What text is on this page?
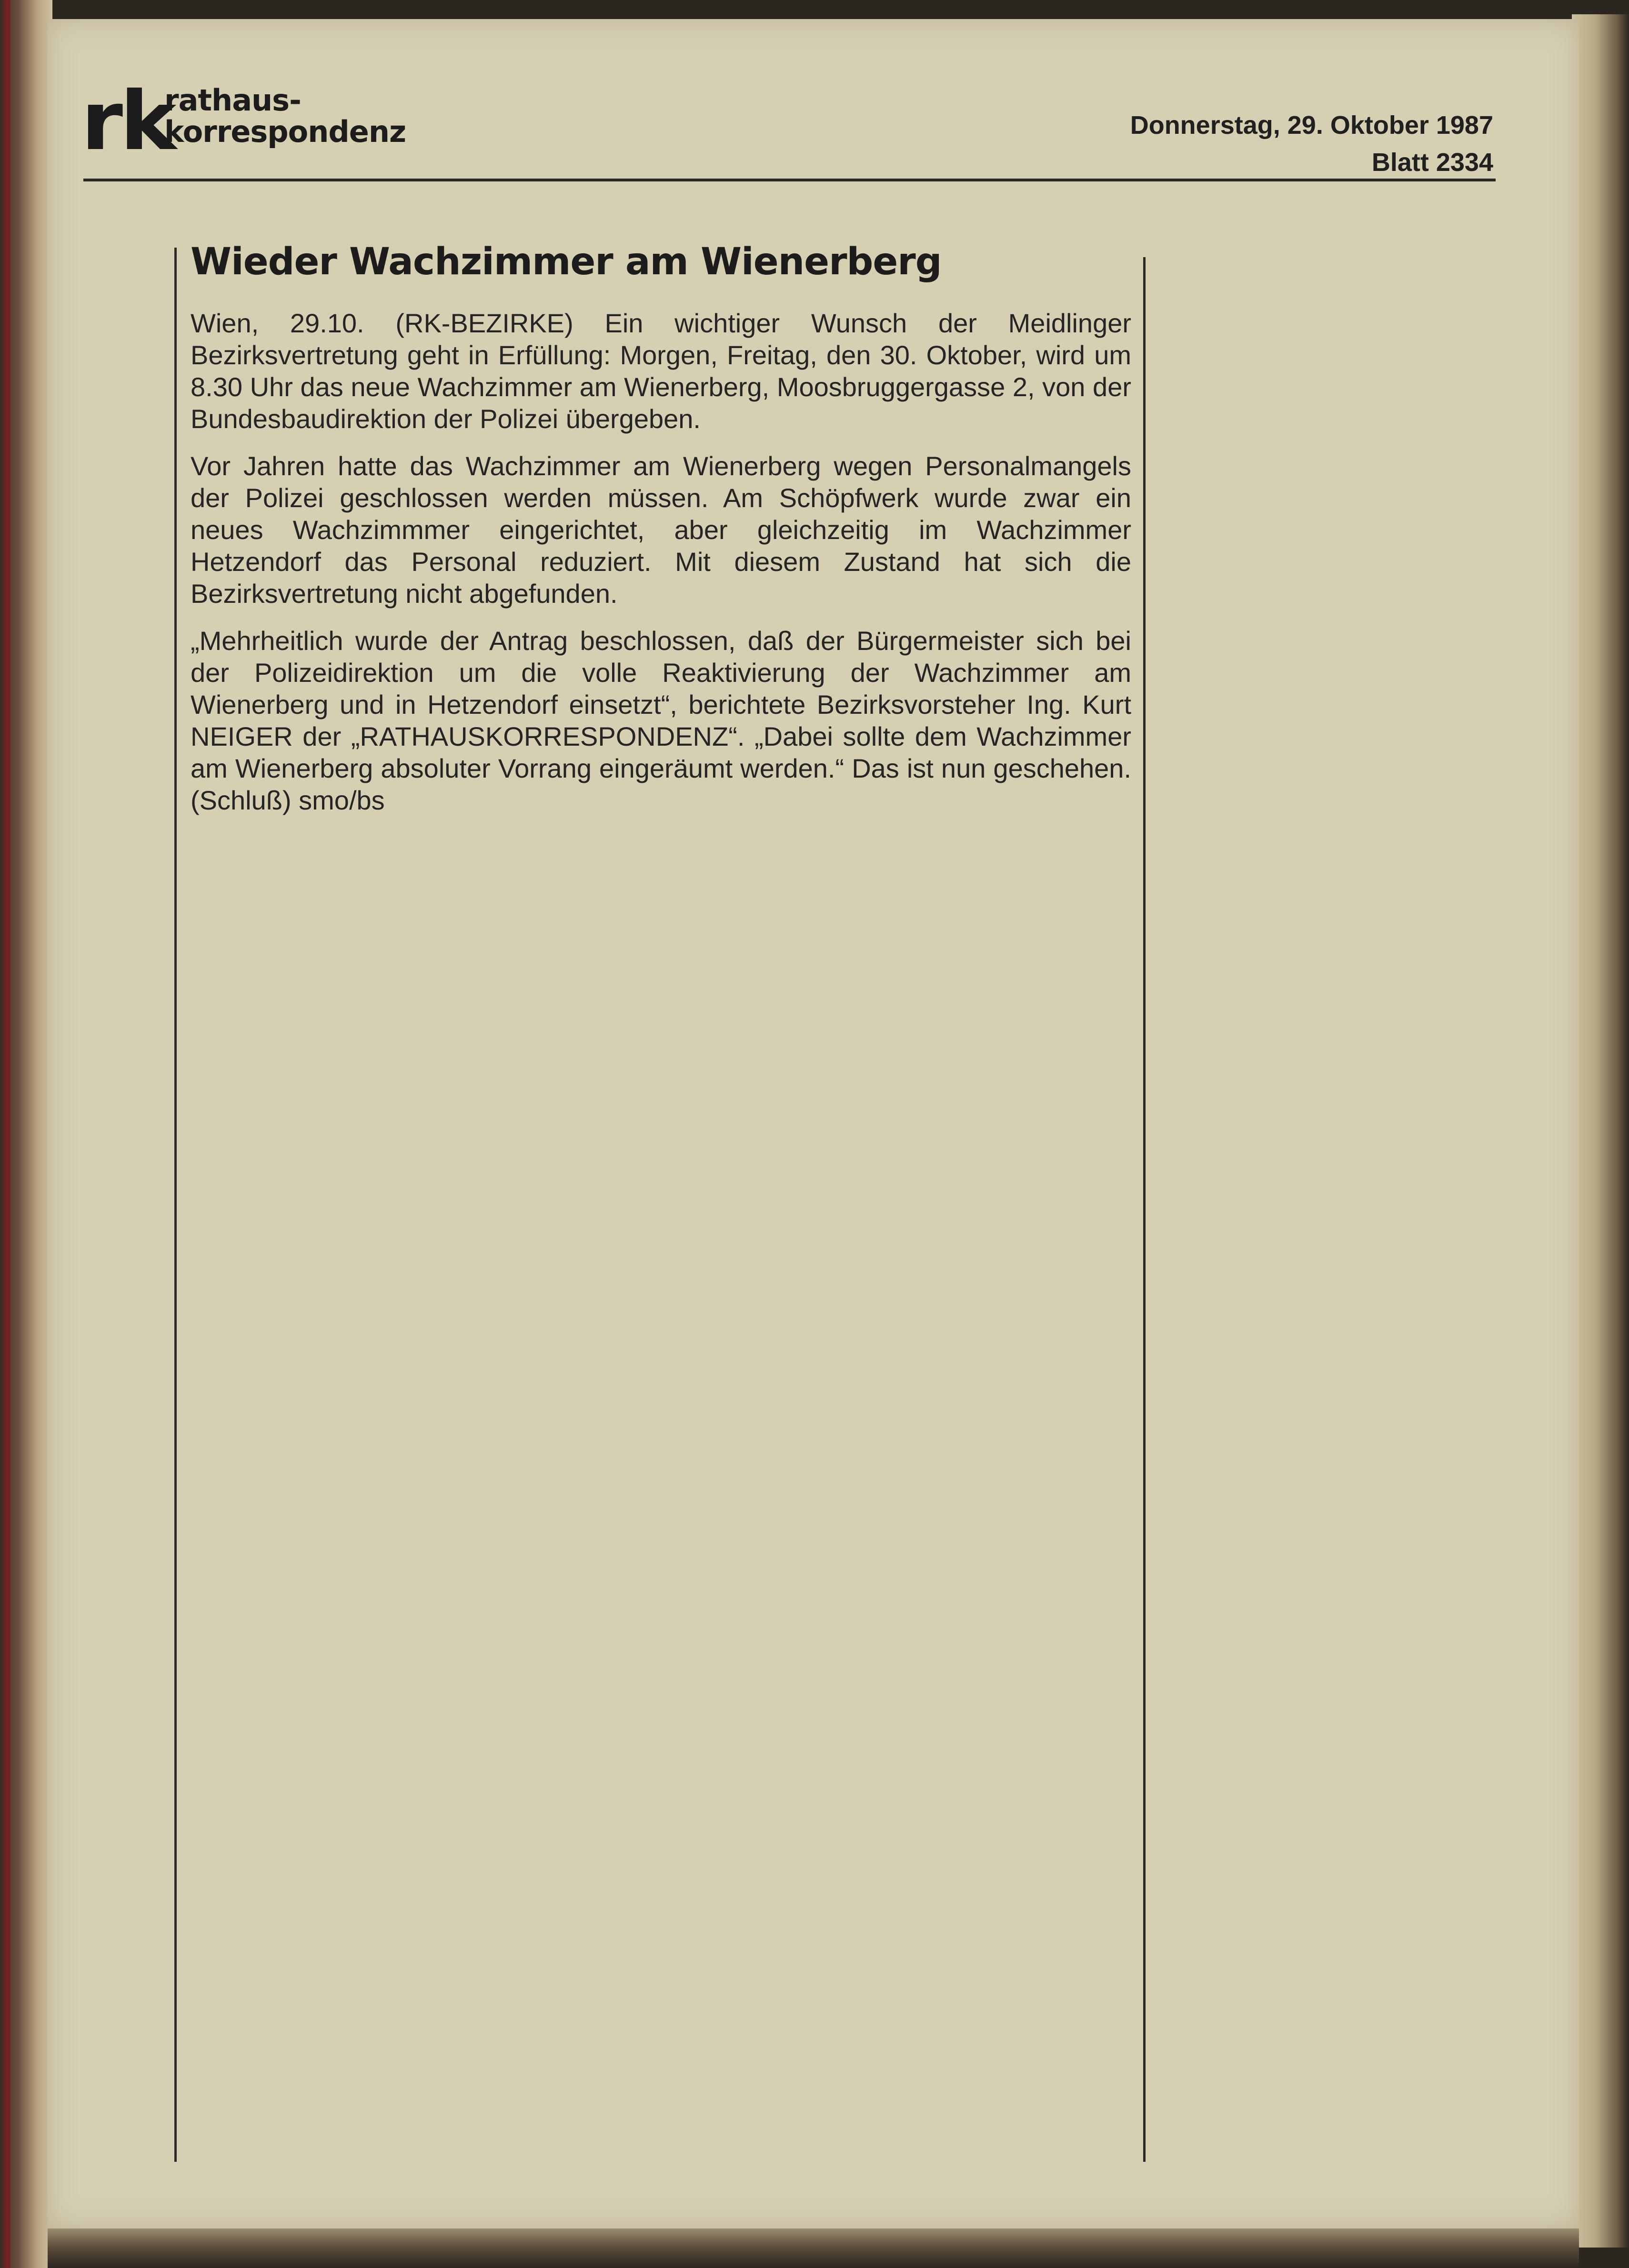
rk
rathaus-
korrespondenz	Donnerstag, 29. Oktober 1987
Blatt 2334
Wieder Wachzimmer am Wienerberg

Wien, 29.10. (RK-BEZIRKE) Ein wichtiger Wunsch der Meidlinger Bezirksvertretung geht in Erfüllung: Morgen, Freitag, den 30. Oktober, wird um 8.30 Uhr das neue Wachzimmer am Wienerberg, Moosbruggergasse 2, von der Bundesbaudirektion der Polizei übergeben.

Vor Jahren hatte das Wachzimmer am Wienerberg wegen Personalmangels der Polizei geschlossen werden müssen. Am Schöpfwerk wurde zwar ein neues Wachzimmmer eingerichtet, aber gleichzeitig im Wachzimmer Hetzendorf das Personal reduziert. Mit diesem Zustand hat sich die Bezirksvertretung nicht abgefunden.

„Mehrheitlich wurde der Antrag beschlossen, daß der Bürgermeister sich bei der Polizeidirektion um die volle Reaktivierung der Wachzimmer am Wienerberg und in Hetzendorf einsetzt“, berichtete Bezirksvorsteher Ing. Kurt NEIGER der „RATHAUSKORRESPONDENZ“. „Dabei sollte dem Wachzimmer am Wienerberg absoluter Vorrang eingeräumt werden.“ Das ist nun geschehen. (Schluß) smo/bs
